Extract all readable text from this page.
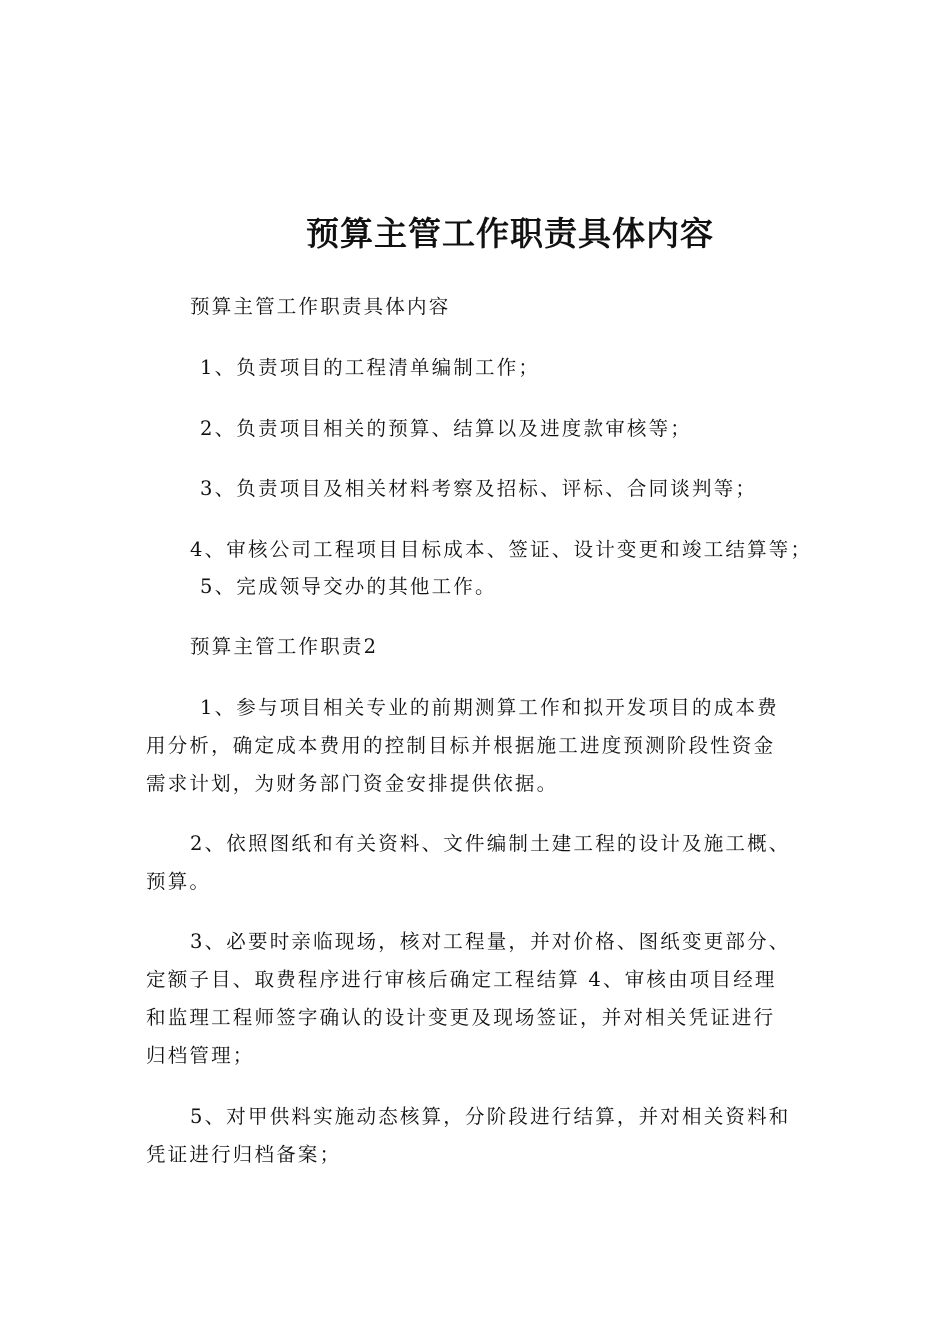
预算主管工作职责具体内容
预算主管工作职责具体内容
1、负责项目的工程清单编制工作；
2、负责项目相关的预算、结算以及进度款审核等；
3、负责项目及相关材料考察及招标、评标、合同谈判等；
4、审核公司工程项目目标成本、签证、设计变更和竣工结算等；
5、完成领导交办的其他工作。
预算主管工作职责2
1、参与项目相关专业的前期测算工作和拟开发项目的成本费
用分析，确定成本费用的控制目标并根据施工进度预测阶段性资金
需求计划，为财务部门资金安排提供依据。
2、依照图纸和有关资料、文件编制土建工程的设计及施工概、
预算。
3、必要时亲临现场，核对工程量，并对价格、图纸变更部分、
定额子目、取费程序进行审核后确定工程结算 4、审核由项目经理
和监理工程师签字确认的设计变更及现场签证，并对相关凭证进行
归档管理；
5、对甲供料实施动态核算，分阶段进行结算，并对相关资料和
凭证进行归档备案；
